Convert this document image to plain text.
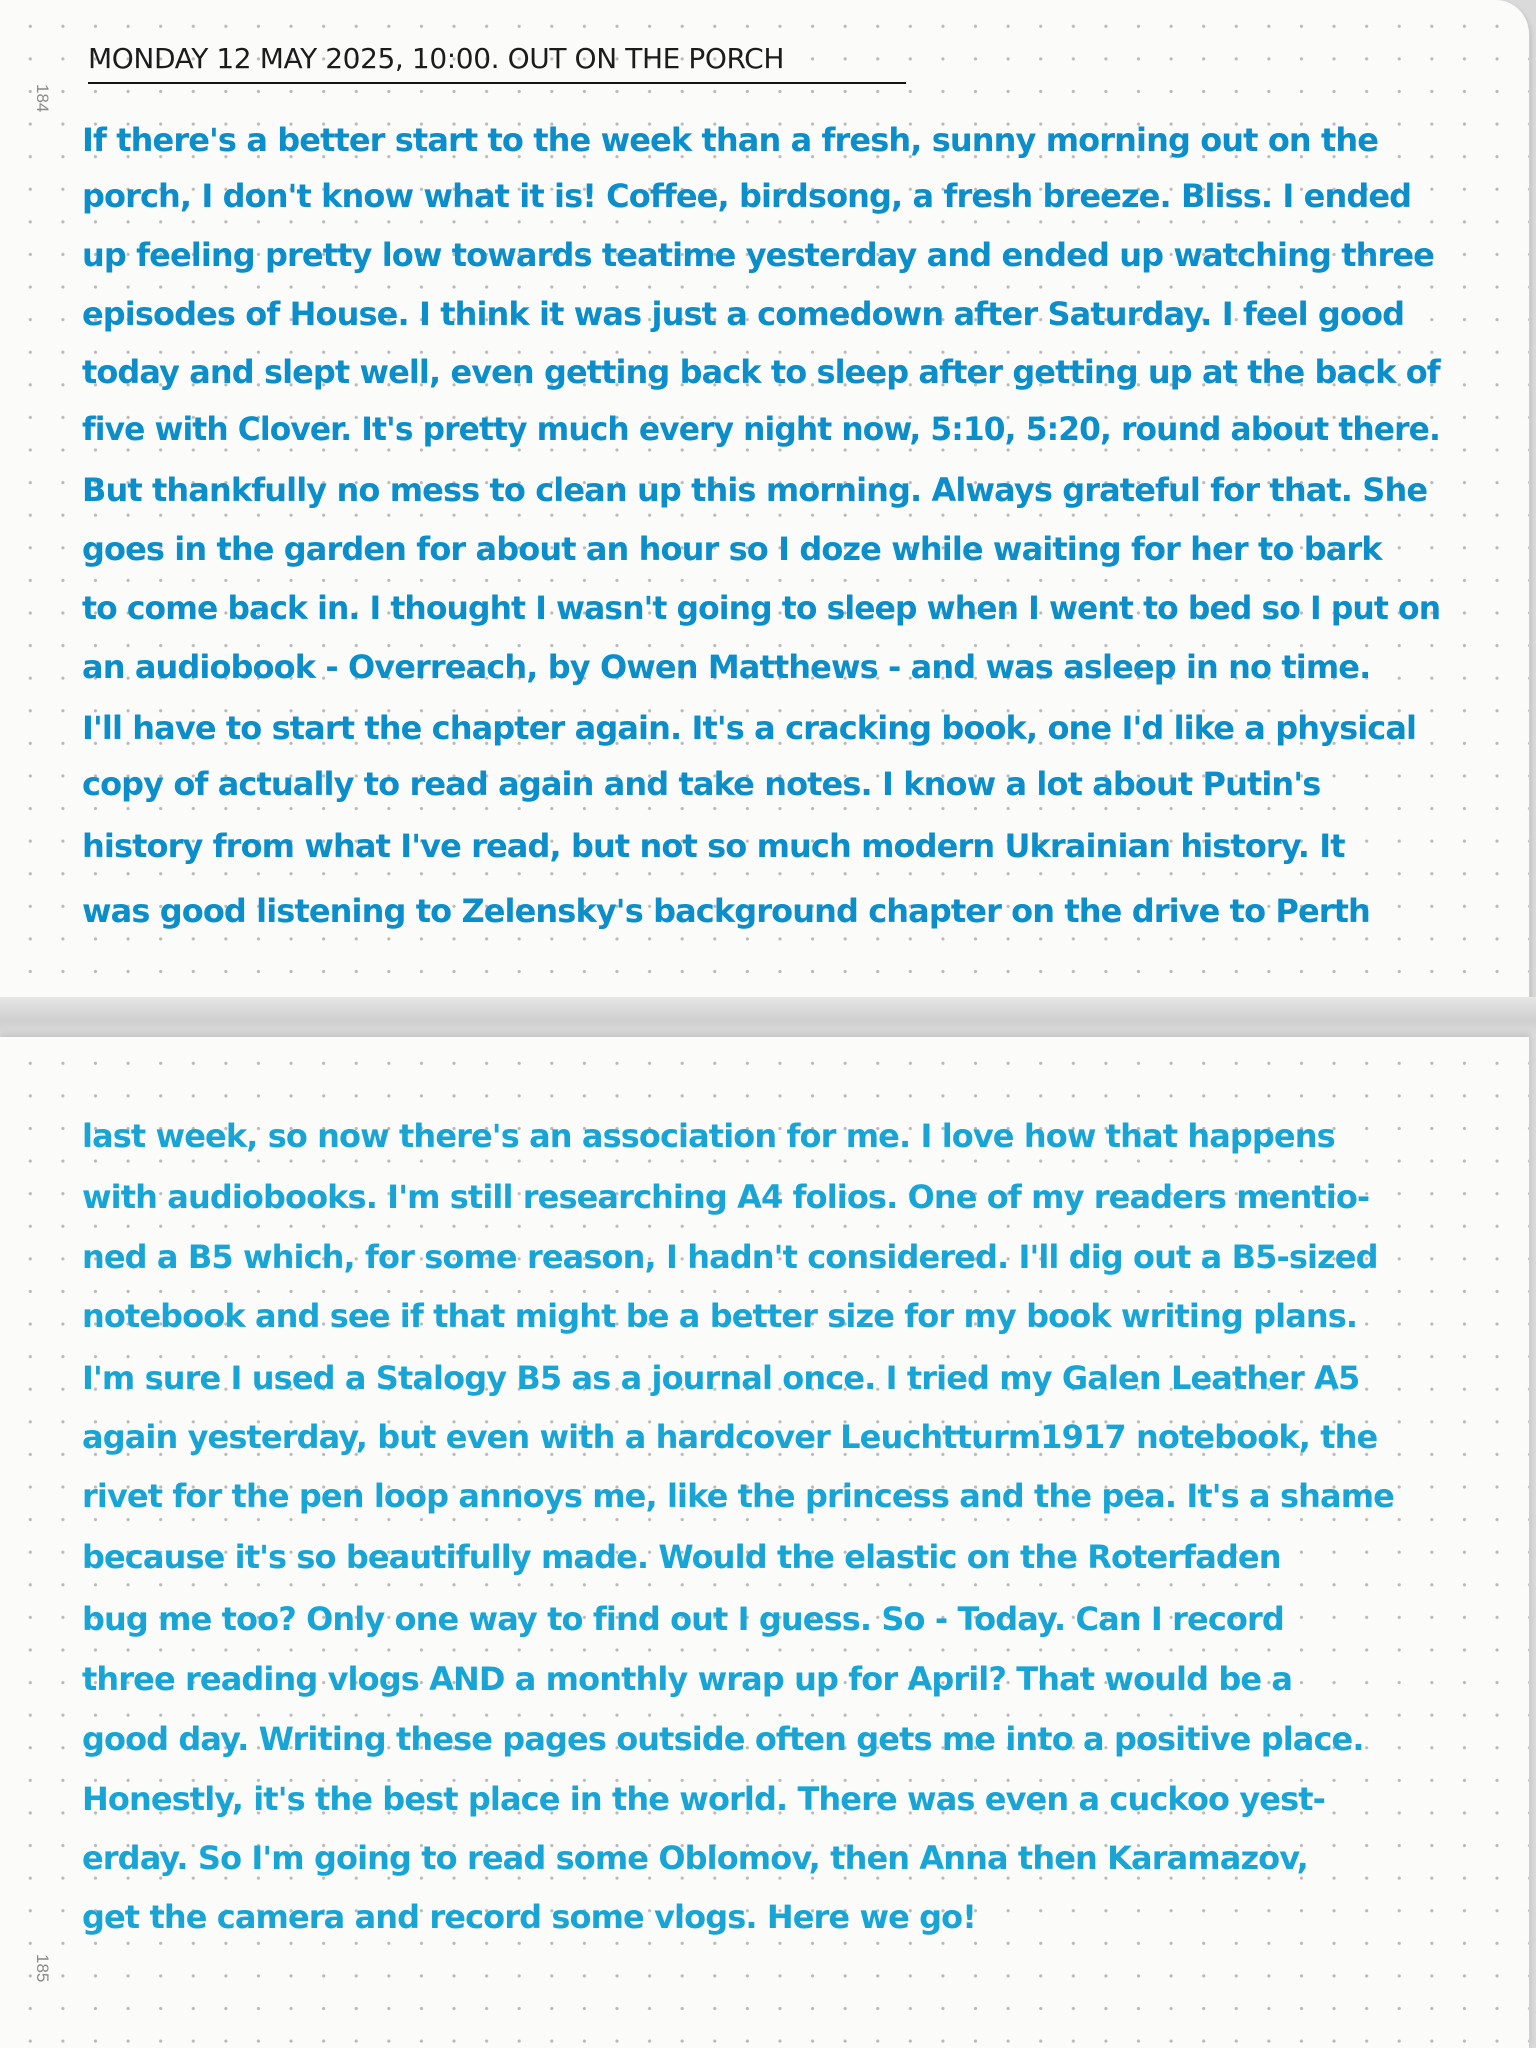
184
MONDAY 12 MAY 2025, 10:00. OUT ON THE PORCH
If there's a better start to the week than a fresh, sunny morning out on the
porch, I don't know what it is! Coffee, birdsong, a fresh breeze. Bliss. I ended
up feeling pretty low towards teatime yesterday and ended up watching three
episodes of House. I think it was just a comedown after Saturday. I feel good
today and slept well, even getting back to sleep after getting up at the back of
five with Clover. It's pretty much every night now, 5:10, 5:20, round about there.
But thankfully no mess to clean up this morning. Always grateful for that. She
goes in the garden for about an hour so I doze while waiting for her to bark
to come back in. I thought I wasn't going to sleep when I went to bed so I put on
an audiobook - Overreach, by Owen Matthews - and was asleep in no time.
I'll have to start the chapter again. It's a cracking book, one I'd like a physical
copy of actually to read again and take notes. I know a lot about Putin's
history from what I've read, but not so much modern Ukrainian history. It
was good listening to Zelensky's background chapter on the drive to Perth
last week, so now there's an association for me. I love how that happens
with audiobooks. I'm still researching A4 folios. One of my readers mentio-
ned a B5 which, for some reason, I hadn't considered. I'll dig out a B5-sized
notebook and see if that might be a better size for my book writing plans.
I'm sure I used a Stalogy B5 as a journal once. I tried my Galen Leather A5
again yesterday, but even with a hardcover Leuchtturm1917 notebook, the
rivet for the pen loop annoys me, like the princess and the pea. It's a shame
because it's so beautifully made. Would the elastic on the Roterfaden
bug me too? Only one way to find out I guess. So - Today. Can I record
three reading vlogs AND a monthly wrap up for April? That would be a
good day. Writing these pages outside often gets me into a positive place.
Honestly, it's the best place in the world. There was even a cuckoo yest-
erday. So I'm going to read some Oblomov, then Anna then Karamazov,
get the camera and record some vlogs. Here we go!
185
